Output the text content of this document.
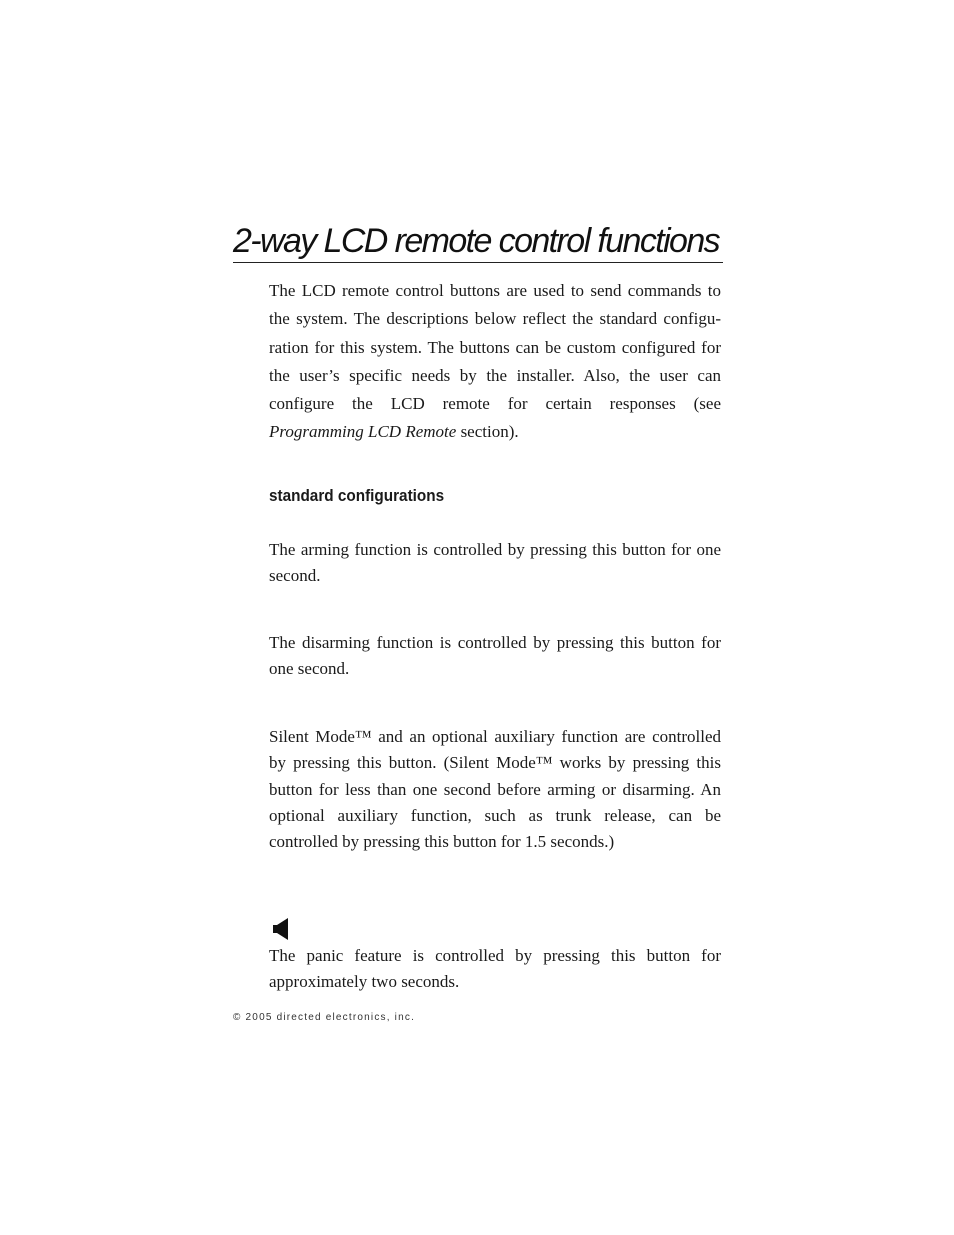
2-way LCD remote control functions

The LCD remote control buttons are used to send commands to the system. The descriptions below reflect the standard configu-ration for this system. The buttons can be custom configured for the user’s specific needs by the installer. Also, the user can configure the LCD remote for certain responses (see Programming LCD Remote section).

standard configurations

The arming function is controlled by pressing this button for one second.

The disarming function is controlled by pressing this button for one second.

Silent Mode™ and an optional auxiliary function are controlled by pressing this button. (Silent Mode™ works by pressing this button for less than one second before arming or disarming. An optional auxiliary function, such as trunk release, can be controlled by pressing this button for 1.5 seconds.)

The panic feature is controlled by pressing this button for approximately two seconds.

© 2005 directed electronics, inc.
